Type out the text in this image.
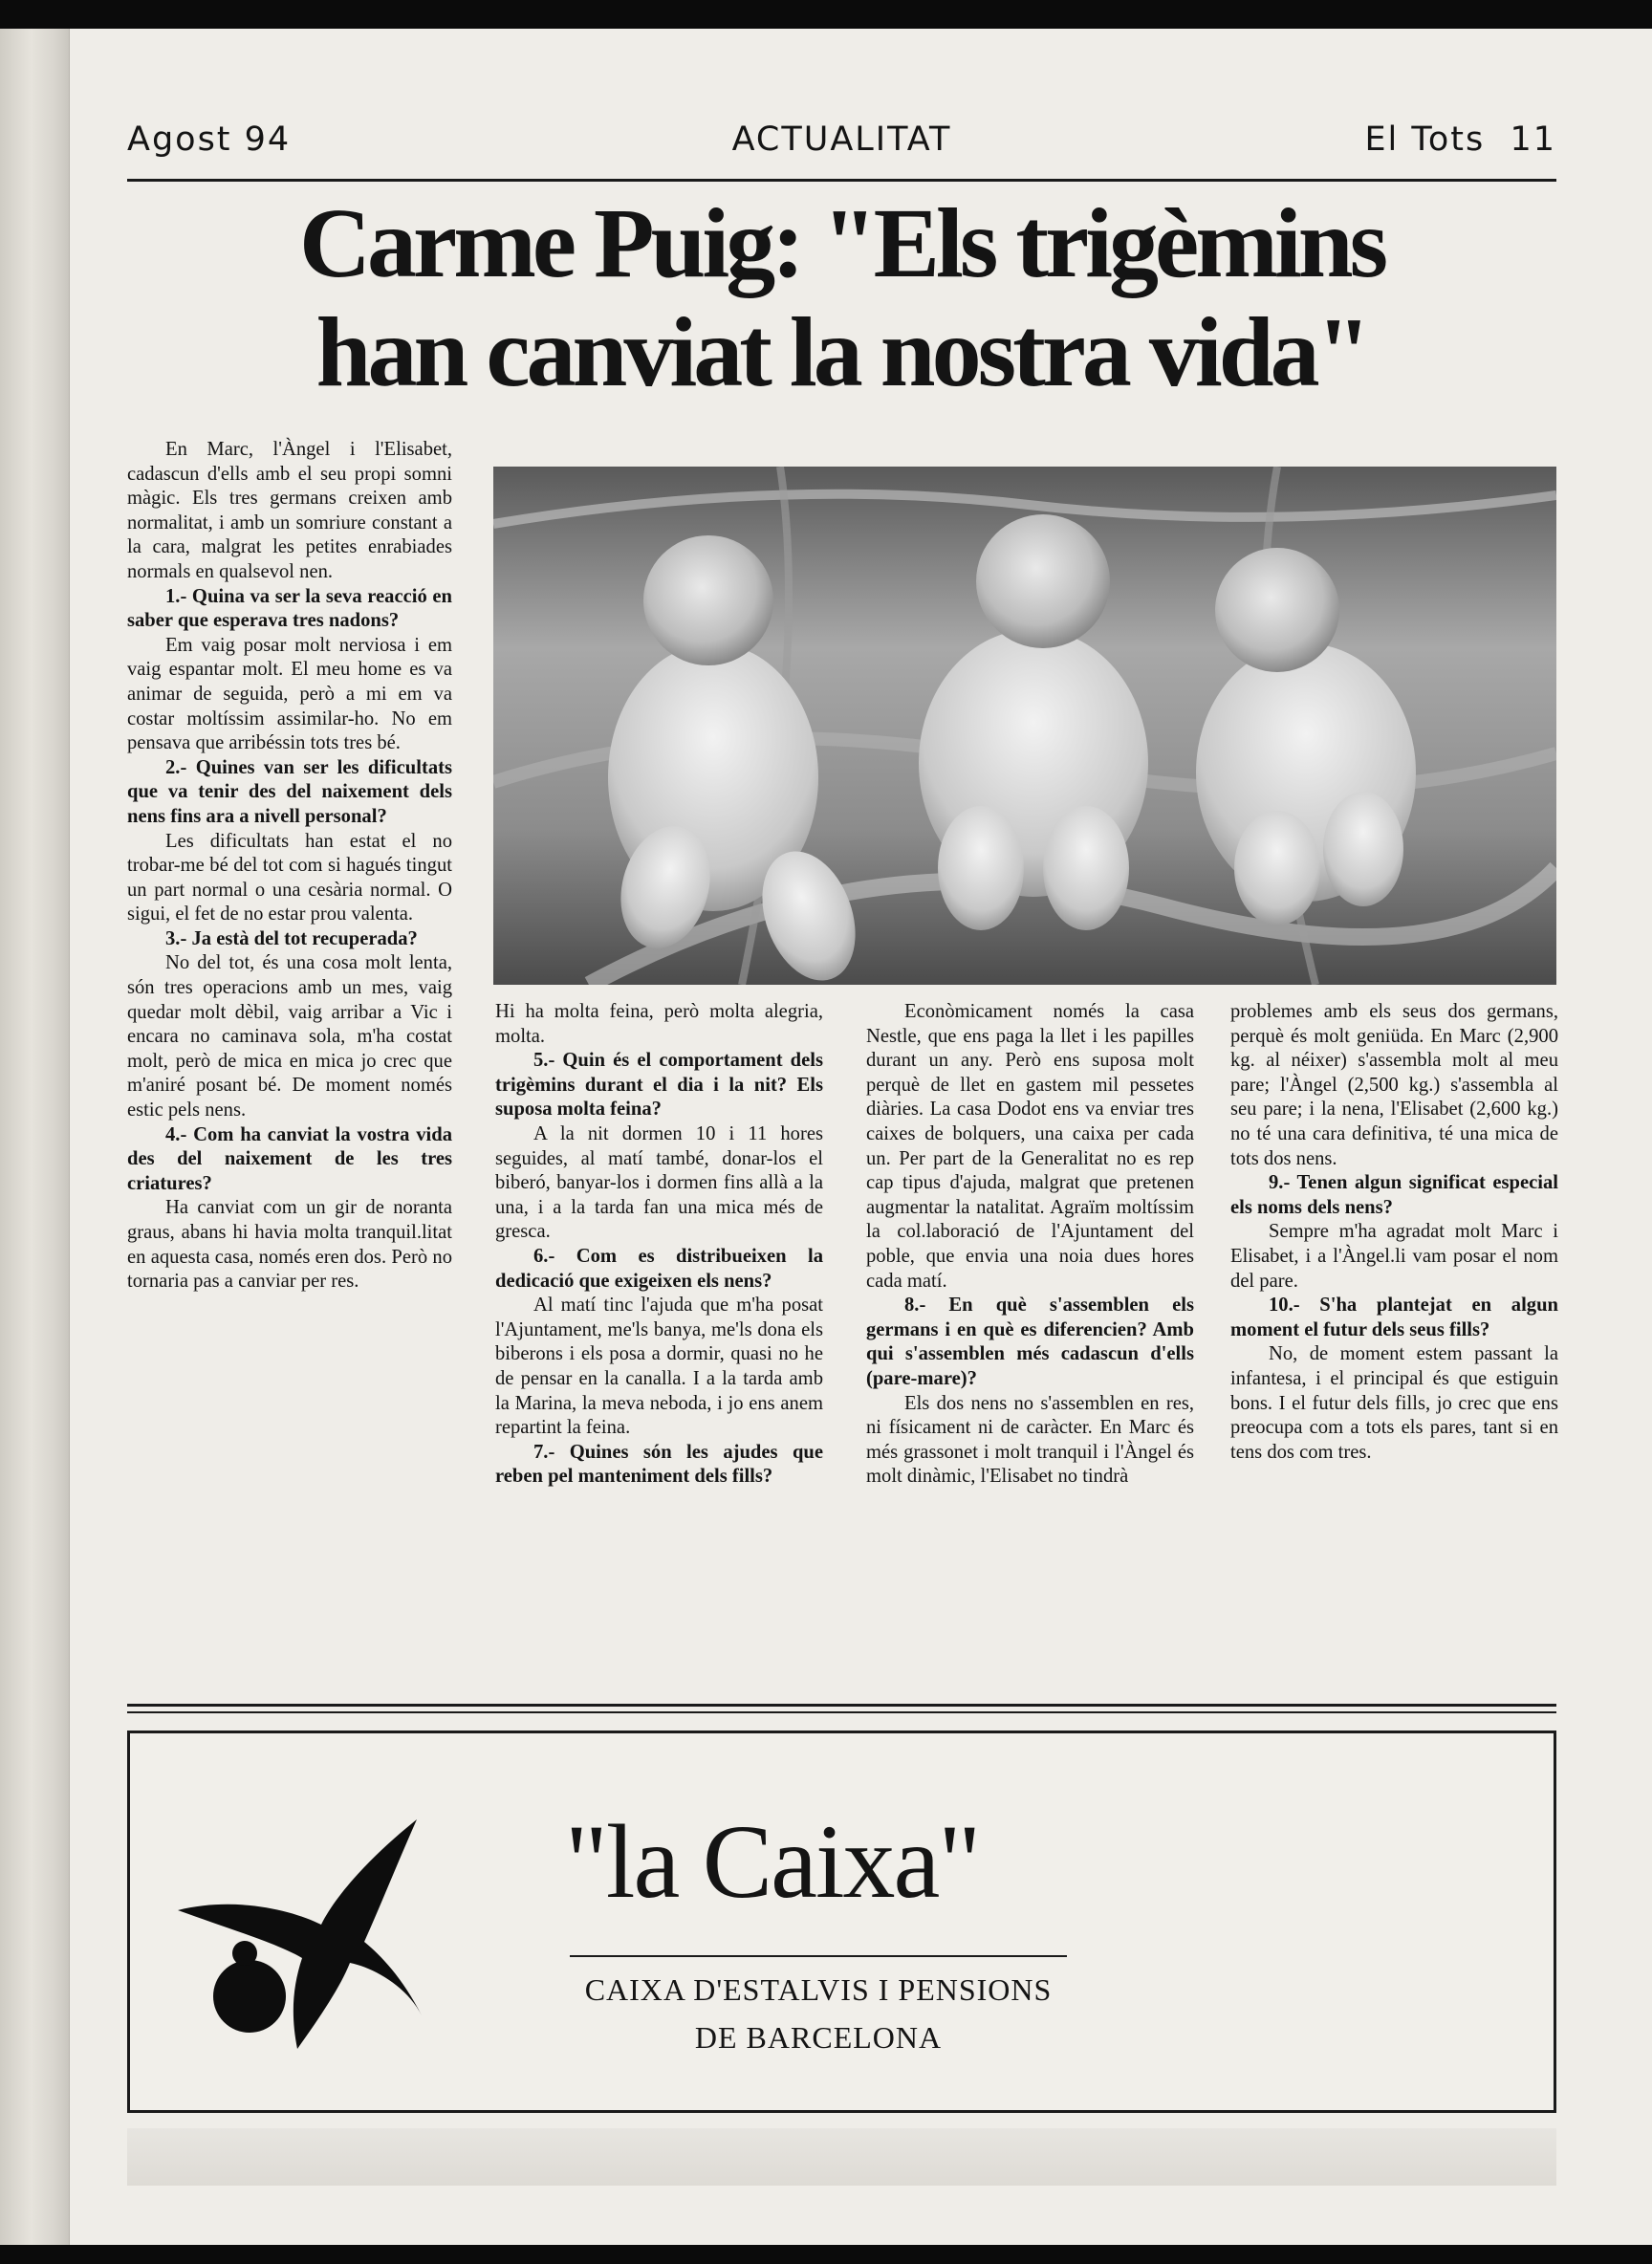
Agost 94	ACTUALITAT	El Tots  11
Carme Puig: "Els trigèmins
han canviat la nostra vida"

En Marc, l'Àngel i l'Elisabet, cadascun d'ells amb el seu propi somni màgic. Els tres germans creixen amb normalitat, i amb un somriure constant a la cara, malgrat les petites enrabiades normals en qualsevol nen.

1.- Quina va ser la seva reacció en saber que esperava tres nadons?

Em vaig posar molt nerviosa i em vaig espantar molt. El meu home es va animar de seguida, però a mi em va costar moltíssim assimilar-ho. No em pensava que arribéssin tots tres bé.

2.- Quines van ser les dificultats que va tenir des del naixement dels nens fins ara a nivell personal?

Les dificultats han estat el no trobar-me bé del tot com si hagués tingut un part normal o una cesària normal. O sigui, el fet de no estar prou valenta.

3.- Ja està del tot recuperada?

No del tot, és una cosa molt lenta, són tres operacions amb un mes, vaig quedar molt dèbil, vaig arribar a Vic i encara no caminava sola, m'ha costat molt, però de mica en mica jo crec que m'aniré posant bé. De moment només estic pels nens.

4.- Com ha canviat la vostra vida des del naixement de les tres criatures?

Ha canviat com un gir de noranta graus, abans hi havia molta tranquil.litat en aquesta casa, només eren dos. Però no tornaria pas a canviar per res.

Hi ha molta feina, però molta alegria, molta.

5.- Quin és el comportament dels trigèmins durant el dia i la nit? Els suposa molta feina?

A la nit dormen 10 i 11 hores seguides, al matí també, donar-los el biberó, banyar-los i dormen fins allà a la una, i a la tarda fan una mica més de gresca.

6.- Com es distribueixen la dedicació que exigeixen els nens?

Al matí tinc l'ajuda que m'ha posat l'Ajuntament, me'ls banya, me'ls dona els biberons i els posa a dormir, quasi no he de pensar en la canalla. I a la tarda amb la Marina, la meva neboda, i jo ens anem repartint la feina.

7.- Quines són les ajudes que reben pel manteniment dels fills?

Econòmicament només la casa Nestle, que ens paga la llet i les papilles durant un any. Però ens suposa molt perquè de llet en gastem mil pessetes diàries. La casa Dodot ens va enviar tres caixes de bolquers, una caixa per cada un. Per part de la Generalitat no es rep cap tipus d'ajuda, malgrat que pretenen augmentar la natalitat. Agraïm moltíssim la col.laboració de l'Ajuntament del poble, que envia una noia dues hores cada matí.

8.- En què s'assemblen els germans i en què es diferencien? Amb qui s'assemblen més cadascun d'ells (pare-mare)?

Els dos nens no s'assemblen en res, ni físicament ni de caràcter. En Marc és més grassonet i molt tranquil i l'Àngel és molt dinàmic, l'Elisabet no tindrà

problemes amb els seus dos germans, perquè és molt geniüda. En Marc (2,900 kg. al néixer) s'assembla molt al meu pare; l'Àngel (2,500 kg.) s'assembla al seu pare; i la nena, l'Elisabet (2,600 kg.) no té una cara definitiva, té una mica de tots dos nens.

9.- Tenen algun significat especial els noms dels nens?

Sempre m'ha agradat molt Marc i Elisabet, i a l'Àngel.li vam posar el nom del pare.

10.- S'ha plantejat en algun moment el futur dels seus fills?

No, de moment estem passant la infantesa, i el principal és que estiguin bons. I el futur dels fills, jo crec que ens preocupa com a tots els pares, tant si en tens dos com tres.

"la Caixa"
CAIXA D'ESTALVIS I PENSIONS
DE BARCELONA
